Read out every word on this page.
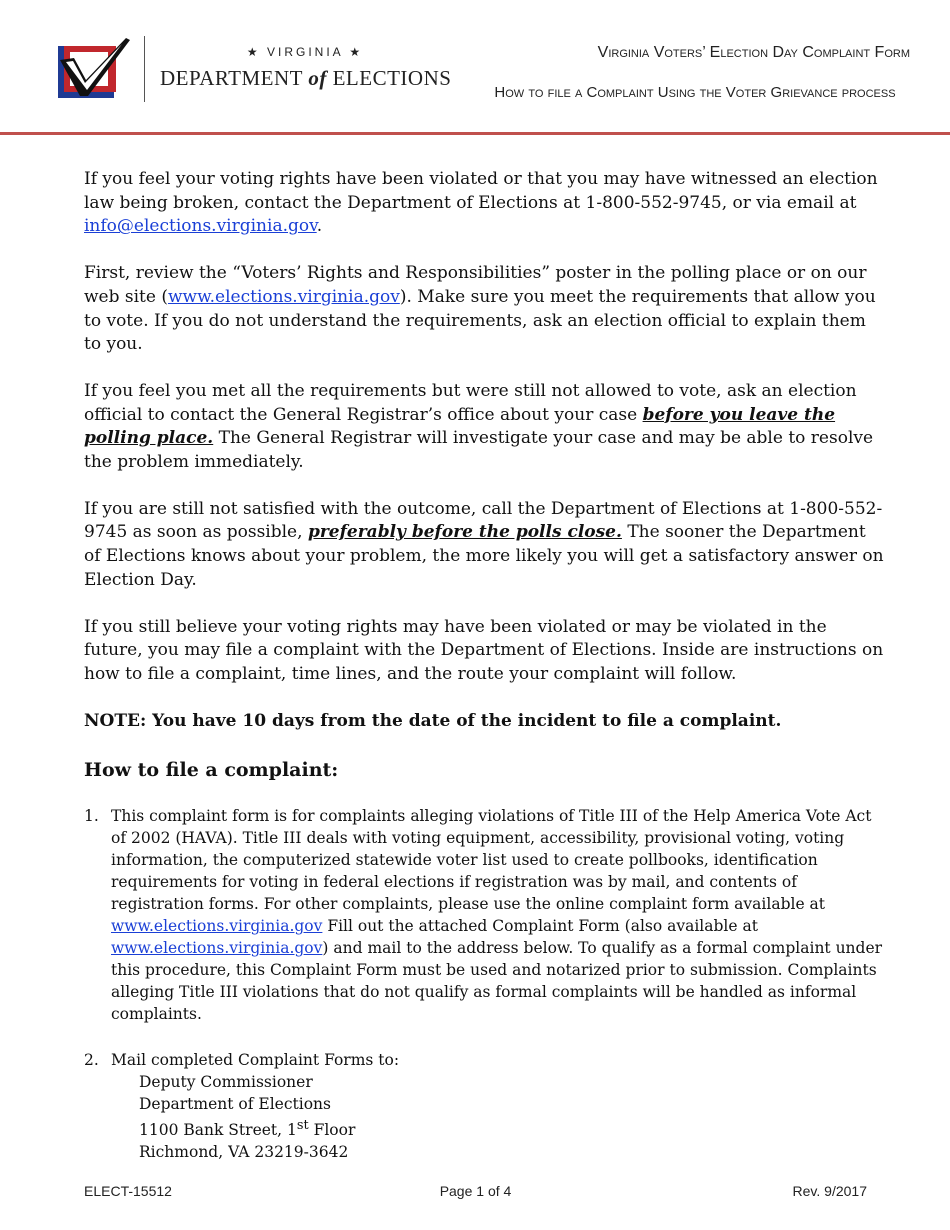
★ VIRGINIA ★
DEPARTMENT of ELECTIONS
Virginia Voters’ Election Day Complaint Form
How to file a Complaint Using the Voter Grievance process

If you feel your voting rights have been violated or that you may have witnessed an election law being broken, contact the Department of Elections at 1-800-552-9745, or via email at info@elections.virginia.gov.

First, review the “Voters’ Rights and Responsibilities” poster in the polling place or on our web site (www.elections.virginia.gov). Make sure you meet the requirements that allow you to vote. If you do not understand the requirements, ask an election official to explain them to you.

If you feel you met all the requirements but were still not allowed to vote, ask an election official to contact the General Registrar’s office about your case before you leave the polling place. The General Registrar will investigate your case and may be able to resolve the problem immediately.

If you are still not satisfied with the outcome, call the Department of Elections at 1-800-552-9745 as soon as possible, preferably before the polls close. The sooner the Department of Elections knows about your problem, the more likely you will get a satisfactory answer on Election Day.

If you still believe your voting rights may have been violated or may be violated in the future, you may file a complaint with the Department of Elections. Inside are instructions on how to file a complaint, time lines, and the route your complaint will follow.

NOTE: You have 10 days from the date of the incident to file a complaint.

How to file a complaint:

1. This complaint form is for complaints alleging violations of Title III of the Help America Vote Act of 2002 (HAVA). Title III deals with voting equipment, accessibility, provisional voting, voting information, the computerized statewide voter list used to create pollbooks, identification requirements for voting in federal elections if registration was by mail, and contents of registration forms. For other complaints, please use the online complaint form available at www.elections.virginia.gov Fill out the attached Complaint Form (also available at www.elections.virginia.gov) and mail to the address below. To qualify as a formal complaint under this procedure, this Complaint Form must be used and notarized prior to submission. Complaints alleging Title III violations that do not qualify as formal complaints will be handled as informal complaints.
2. Mail completed Complaint Forms to:
Deputy Commissioner
Department of Elections
1100 Bank Street, 1st Floor
Richmond, VA 23219-3642
ELECT-15512	Page 1 of 4	Rev. 9/2017
